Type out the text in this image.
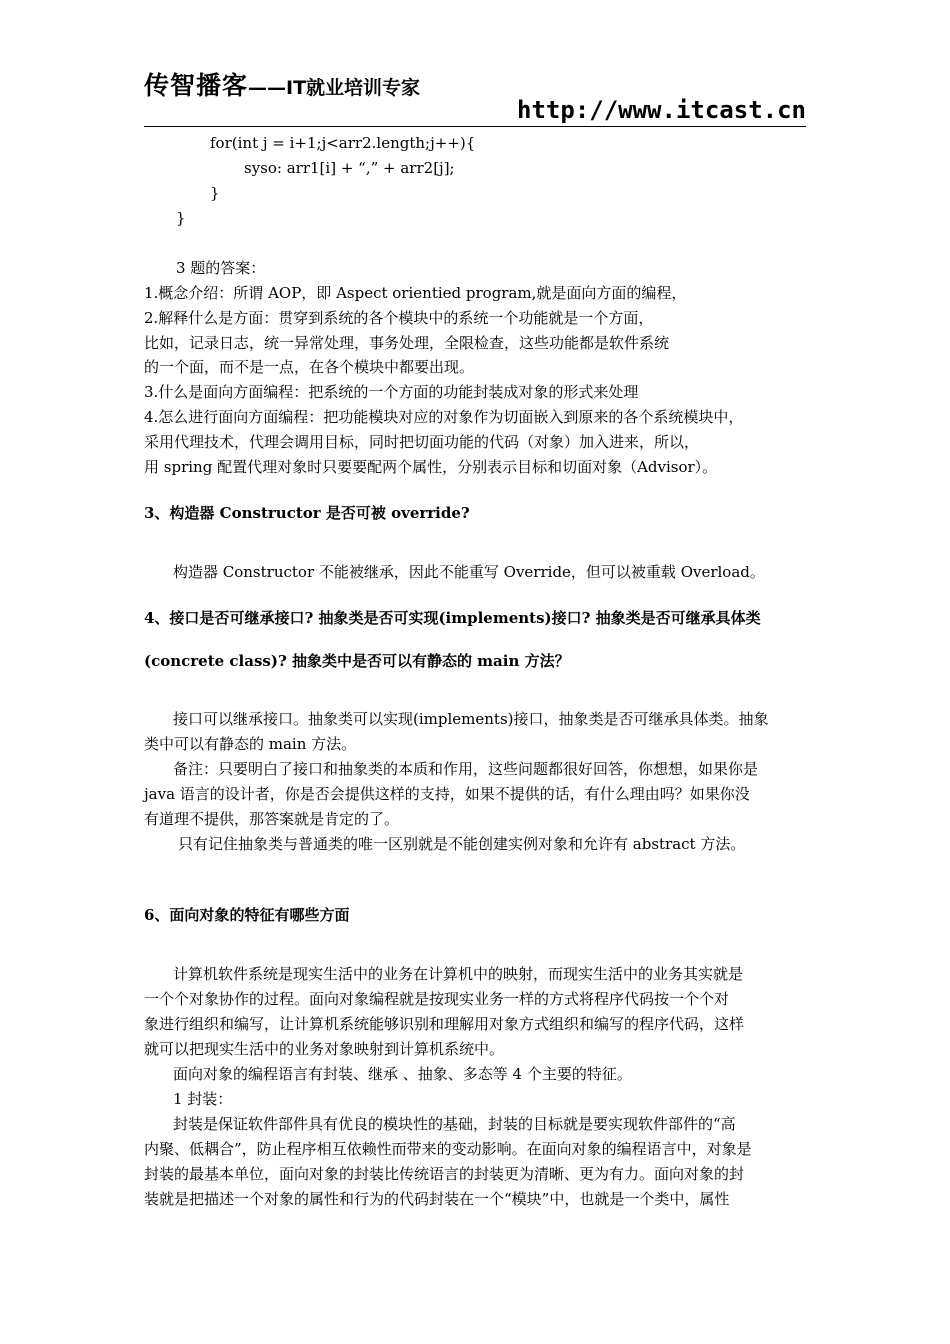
传智播客——IT就业培训专家
http://www.itcast.cn
for(int j = i+1;j<arr2.length;j++){
syso: arr1[i] + “,” + arr2[j];
}
}
3 题的答案：
1.概念介绍：所谓 AOP，即 Aspect orientied program,就是面向方面的编程，
2.解释什么是方面：贯穿到系统的各个模块中的系统一个功能就是一个方面，
比如，记录日志，统一异常处理，事务处理，全限检查，这些功能都是软件系统
的一个面，而不是一点，在各个模块中都要出现。
3.什么是面向方面编程：把系统的一个方面的功能封装成对象的形式来处理
4.怎么进行面向方面编程：把功能模块对应的对象作为切面嵌入到原来的各个系统模块中，
采用代理技术，代理会调用目标，同时把切面功能的代码（对象）加入进来，所以，
用 spring 配置代理对象时只要要配两个属性，分别表示目标和切面对象（Advisor）。
3、构造器 Constructor 是否可被 override?
构造器 Constructor 不能被继承，因此不能重写 Override，但可以被重载 Overload。
4、接口是否可继承接口? 抽象类是否可实现(implements)接口? 抽象类是否可继承具体类
(concrete class)? 抽象类中是否可以有静态的 main 方法？
接口可以继承接口。抽象类可以实现(implements)接口，抽象类是否可继承具体类。抽象
类中可以有静态的 main 方法。
备注：只要明白了接口和抽象类的本质和作用，这些问题都很好回答，你想想，如果你是
java 语言的设计者，你是否会提供这样的支持，如果不提供的话，有什么理由吗？如果你没
有道理不提供，那答案就是肯定的了。
只有记住抽象类与普通类的唯一区别就是不能创建实例对象和允许有 abstract 方法。
6、面向对象的特征有哪些方面
计算机软件系统是现实生活中的业务在计算机中的映射，而现实生活中的业务其实就是
一个个对象协作的过程。面向对象编程就是按现实业务一样的方式将程序代码按一个个对
象进行组织和编写，让计算机系统能够识别和理解用对象方式组织和编写的程序代码，这样
就可以把现实生活中的业务对象映射到计算机系统中。
面向对象的编程语言有封装、继承 、抽象、多态等 4 个主要的特征。
1 封装：
封装是保证软件部件具有优良的模块性的基础，封装的目标就是要实现软件部件的“高
内聚、低耦合”，防止程序相互依赖性而带来的变动影响。在面向对象的编程语言中，对象是
封装的最基本单位，面向对象的封装比传统语言的封装更为清晰、更为有力。面向对象的封
装就是把描述一个对象的属性和行为的代码封装在一个“模块”中，也就是一个类中，属性
